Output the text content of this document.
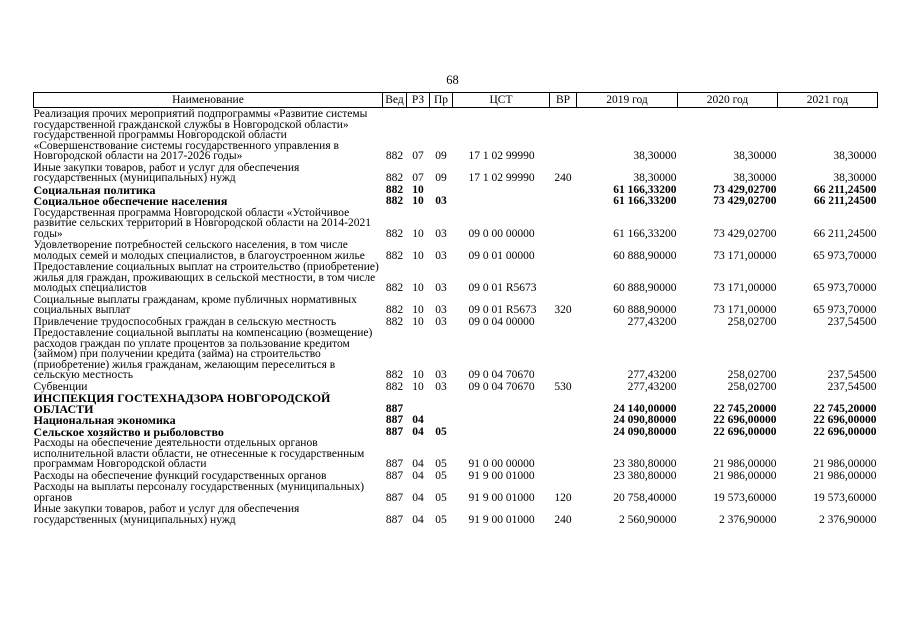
68
Наименование	Вед	РЗ	Пр	ЦСТ	ВР	2019 год	2020 год	2021 год
Реализация прочих мероприятий подпрограммы «Развитие системы государственной гражданской службы в Новгородской области» государственной программы Новгородской области «Совершенствование системы государственного управления в Новгородской области на 2017-2026 годы»	882	07	09	17 1 02 99990		38,30000	38,30000	38,30000
Иные закупки товаров, работ и услуг для обеспечения государственных (муниципальных) нужд	882	07	09	17 1 02 99990	240	38,30000	38,30000	38,30000
Социальная политика	882	10				61 166,33200	73 429,02700	66 211,24500
Социальное обеспечение населения	882	10	03			61 166,33200	73 429,02700	66 211,24500
Государственная программа Новгородской области «Устойчивое развитие сельских территорий в Новгородской области на 2014-2021 годы»	882	10	03	09 0 00 00000		61 166,33200	73 429,02700	66 211,24500
Удовлетворение потребностей сельского населения, в том числе молодых семей и молодых специалистов, в благоустроенном жилье	882	10	03	09 0 01 00000		60 888,90000	73 171,00000	65 973,70000
Предоставление социальных выплат на строительство (приобретение) жилья для граждан, проживающих в сельской местности, в том числе молодых специалистов	882	10	03	09 0 01 R5673		60 888,90000	73 171,00000	65 973,70000
Социальные выплаты гражданам, кроме публичных нормативных социальных выплат	882	10	03	09 0 01 R5673	320	60 888,90000	73 171,00000	65 973,70000
Привлечение трудоспособных граждан в сельскую местность	882	10	03	09 0 04 00000		277,43200	258,02700	237,54500
Предоставление социальной выплаты на компенсацию (возмещение) расходов граждан по уплате процентов за пользование кредитом (займом) при получении кредита (займа) на строительство (приобретение) жилья гражданам, желающим переселиться в сельскую местность	882	10	03	09 0 04 70670		277,43200	258,02700	237,54500
Субвенции	882	10	03	09 0 04 70670	530	277,43200	258,02700	237,54500
ИНСПЕКЦИЯ ГОСТЕХНАДЗОРА НОВГОРОДСКОЙ ОБЛАСТИ	887					24 140,00000	22 745,20000	22 745,20000
Национальная экономика	887	04				24 090,80000	22 696,00000	22 696,00000
Сельское хозяйство и рыболовство	887	04	05			24 090,80000	22 696,00000	22 696,00000
Расходы на обеспечение деятельности отдельных органов исполнительной власти области, не отнесенные к государственным программам Новгородской области	887	04	05	91 0 00 00000		23 380,80000	21 986,00000	21 986,00000
Расходы на обеспечение функций государственных органов	887	04	05	91 9 00 01000		23 380,80000	21 986,00000	21 986,00000
Расходы на выплаты персоналу государственных (муниципальных) органов	887	04	05	91 9 00 01000	120	20 758,40000	19 573,60000	19 573,60000
Иные закупки товаров, работ и услуг для обеспечения государственных (муниципальных) нужд	887	04	05	91 9 00 01000	240	2 560,90000	2 376,90000	2 376,90000
